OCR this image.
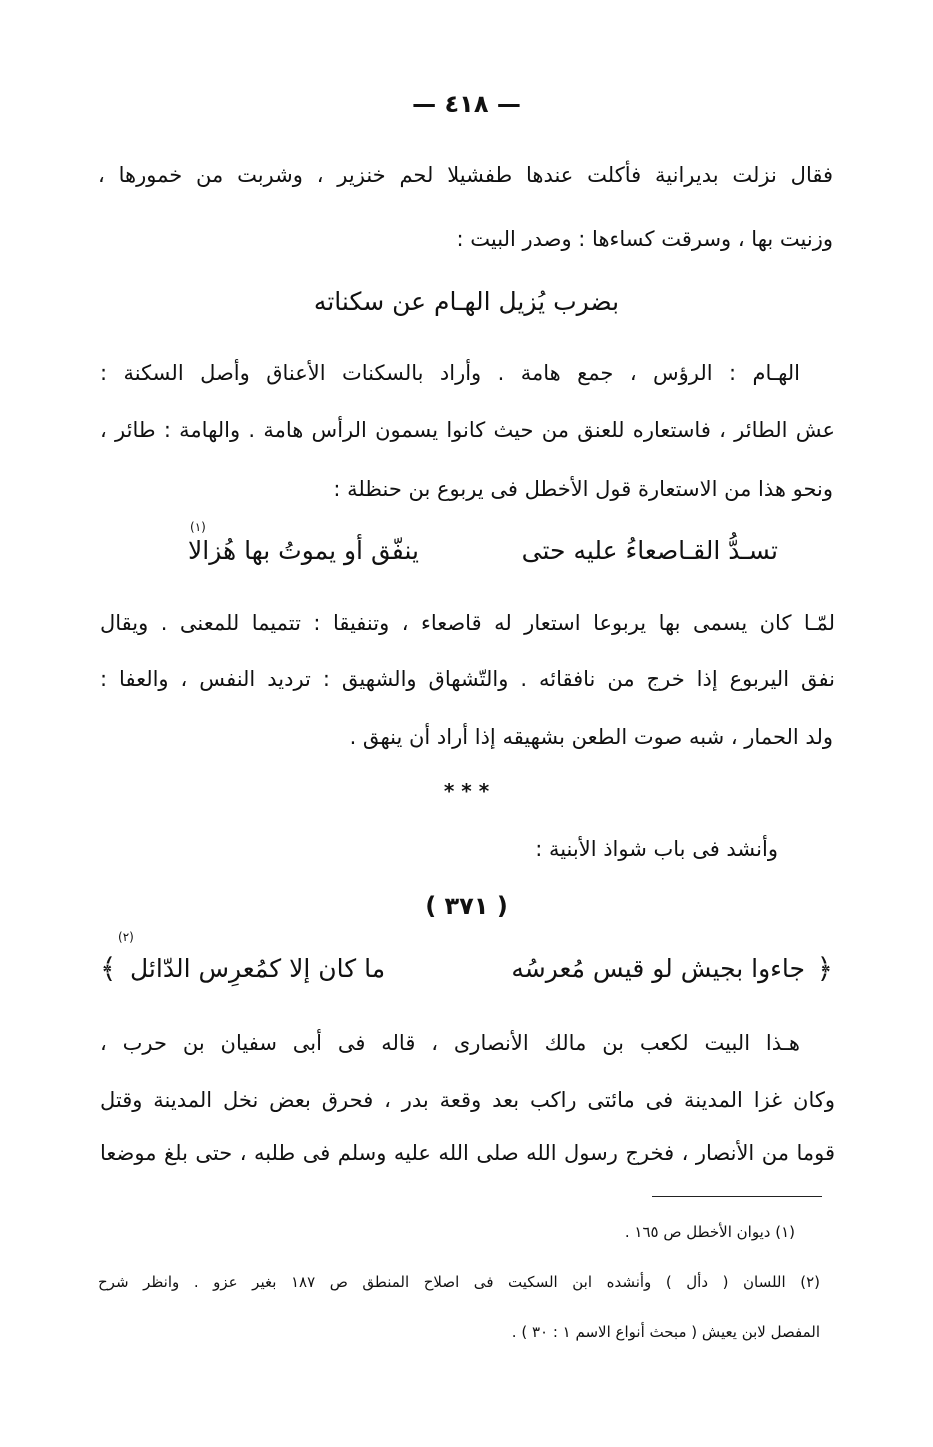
— ٤١٨ —
فقال نزلت بديرانية فأكلت عندها طفشيلا لحم خنزير ، وشربت من خمورها ،
وزنيت بها ، وسرقت كساءها : وصدر البيت :
بضرب يُزيل الهـام عن سكناته
الهـام : الرؤس ، جمع هامة . وأراد بالسكنات الأعناق وأصل السكنة :
عش الطائر ، فاستعاره للعنق من حيث كانوا يسمون الرأس هامة . والهامة : طائر ،
ونحو هذا من الاستعارة قول الأخطل فى يربوع بن حنظلة :
(١)
تسـدُّ القـاصعاءُ عليه حتى
ينفّق أو يموتُ بها هُزالا
لمّـا كان يسمى بها يربوعا استعار له قاصعاء ، وتنفيقا : تتميما للمعنى . ويقال
نفق اليربوع إذا خرج من نافقائه . والتّشهاق والشهيق : ترديد النفس ، والعفا :
ولد الحمار ، شبه صوت الطعن بشهيقه إذا أراد أن ينهق .
* * *
وأنشد فى باب شواذ الأبنية :
( ٣٧١ )
(٢)
﴿
جاءوا بجيش لو قيس مُعرسُه
ما كان إلا كمُعرِس الدّائل
﴾
هـذا البيت لكعب بن مالك الأنصارى ، قاله فى أبى سفيان بن حرب ،
وكان غزا المدينة فى مائتى راكب بعد وقعة بدر ، فحرق بعض نخل المدينة وقتل
قوما من الأنصار ، فخرج رسول الله صلى الله عليه وسلم فى طلبه ، حتى بلغ موضعا
(١) ديوان الأخطل ص ١٦٥ .
(٢) اللسان ( دأل ) وأنشده ابن السكيت فى اصلاح المنطق ص ١٨٧ بغير عزو . وانظر شرح
المفصل لابن يعيش ( مبحث أنواع الاسم ١ : ٣٠ ) .
